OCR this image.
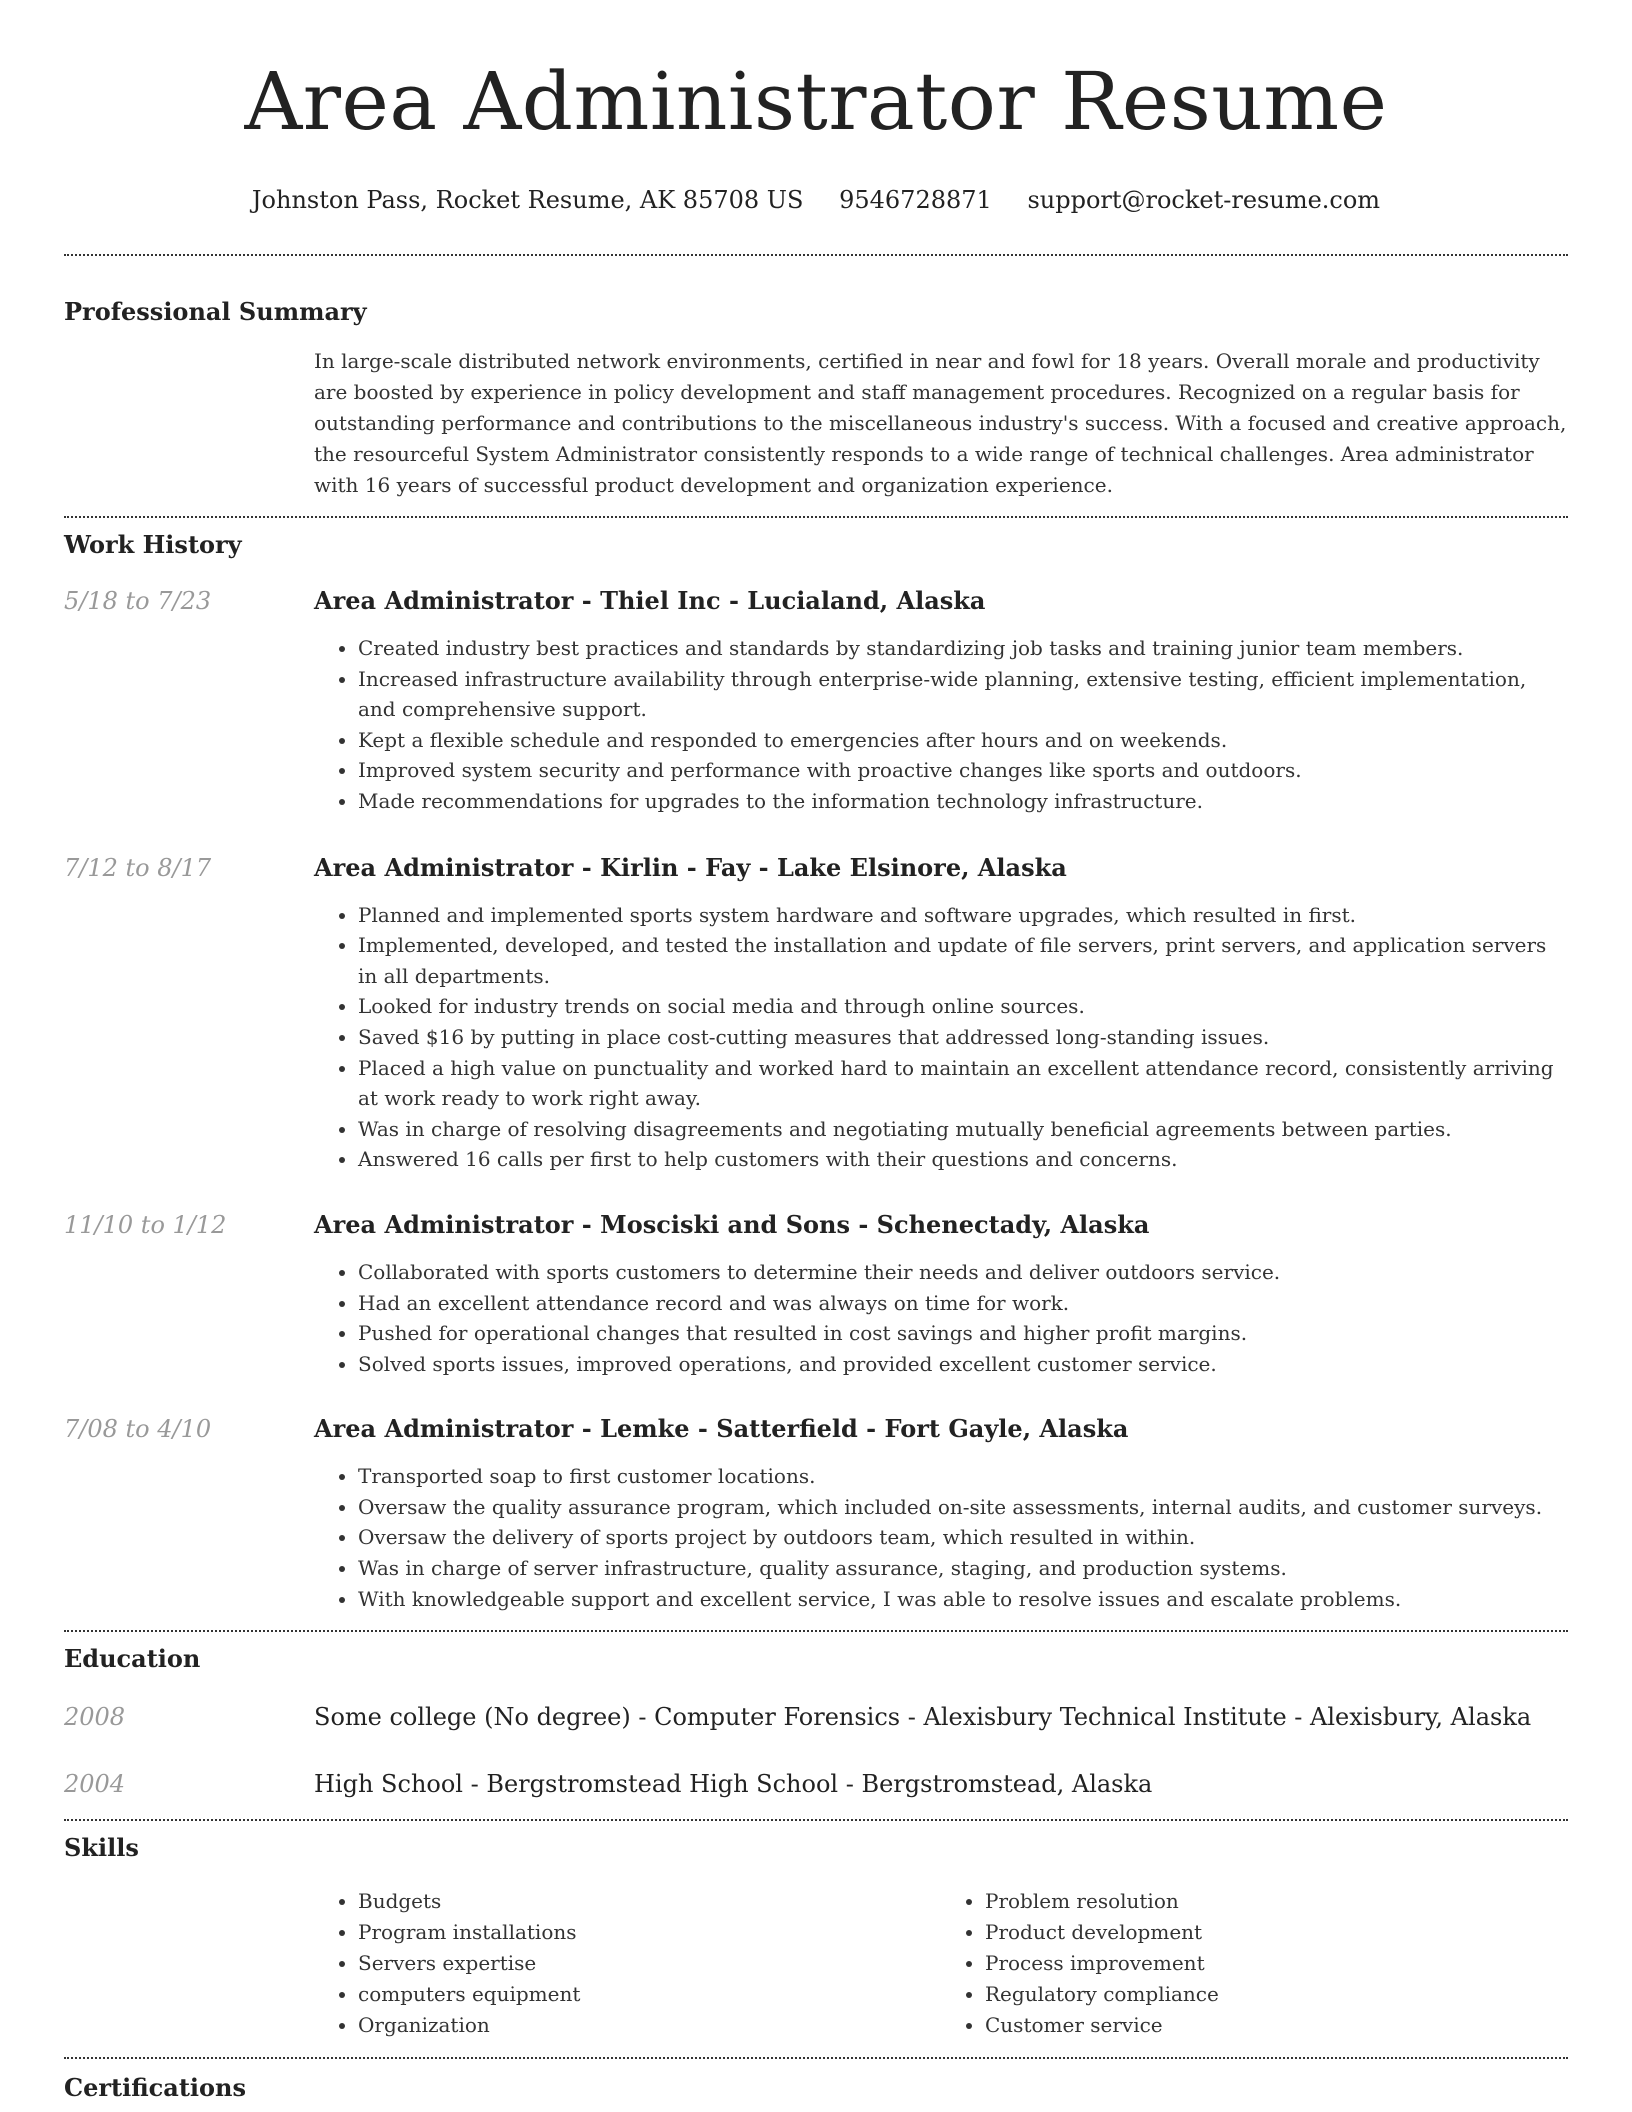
Area Administrator Resume
Johnston Pass, Rocket Resume, AK 85708 US 9546728871 support@rocket-resume.com
Professional Summary

In large-scale distributed network environments, certified in near and fowl for 18 years. Overall morale and productivity are boosted by experience in policy development and staff management procedures. Recognized on a regular basis for outstanding performance and contributions to the miscellaneous industry's success. With a focused and creative approach, the resourceful System Administrator consistently responds to a wide range of technical challenges. Area administrator with 16 years of successful product development and organization experience.

Work History
5/18 to 7/23	Area Administrator - Thiel Inc - Lucialand, Alaska
• Created industry best practices and standards by standardizing job tasks and training junior team members.
• Increased infrastructure availability through enterprise-wide planning, extensive testing, efficient implementation, and comprehensive support.
• Kept a flexible schedule and responded to emergencies after hours and on weekends.
• Improved system security and performance with proactive changes like sports and outdoors.
• Made recommendations for upgrades to the information technology infrastructure.
7/12 to 8/17	Area Administrator - Kirlin - Fay - Lake Elsinore, Alaska
• Planned and implemented sports system hardware and software upgrades, which resulted in first.
• Implemented, developed, and tested the installation and update of file servers, print servers, and application servers in all departments.
• Looked for industry trends on social media and through online sources.
• Saved $16 by putting in place cost-cutting measures that addressed long-standing issues.
• Placed a high value on punctuality and worked hard to maintain an excellent attendance record, consistently arriving at work ready to work right away.
• Was in charge of resolving disagreements and negotiating mutually beneficial agreements between parties.
• Answered 16 calls per first to help customers with their questions and concerns.
11/10 to 1/12	Area Administrator - Mosciski and Sons - Schenectady, Alaska
• Collaborated with sports customers to determine their needs and deliver outdoors service.
• Had an excellent attendance record and was always on time for work.
• Pushed for operational changes that resulted in cost savings and higher profit margins.
• Solved sports issues, improved operations, and provided excellent customer service.
7/08 to 4/10	Area Administrator - Lemke - Satterfield - Fort Gayle, Alaska
• Transported soap to first customer locations.
• Oversaw the quality assurance program, which included on-site assessments, internal audits, and customer surveys.
• Oversaw the delivery of sports project by outdoors team, which resulted in within.
• Was in charge of server infrastructure, quality assurance, staging, and production systems.
• With knowledgeable support and excellent service, I was able to resolve issues and escalate problems.
Education
2008	Some college (No degree) - Computer Forensics - Alexisbury Technical Institute - Alexisbury, Alaska

2004	High School - Bergstromstead High School - Bergstromstead, Alaska

Skills
• Budgets
• Program installations
• Servers expertise
• computers equipment
• Organization
• Problem resolution
• Product development
• Process improvement
• Regulatory compliance
• Customer service
Certifications
